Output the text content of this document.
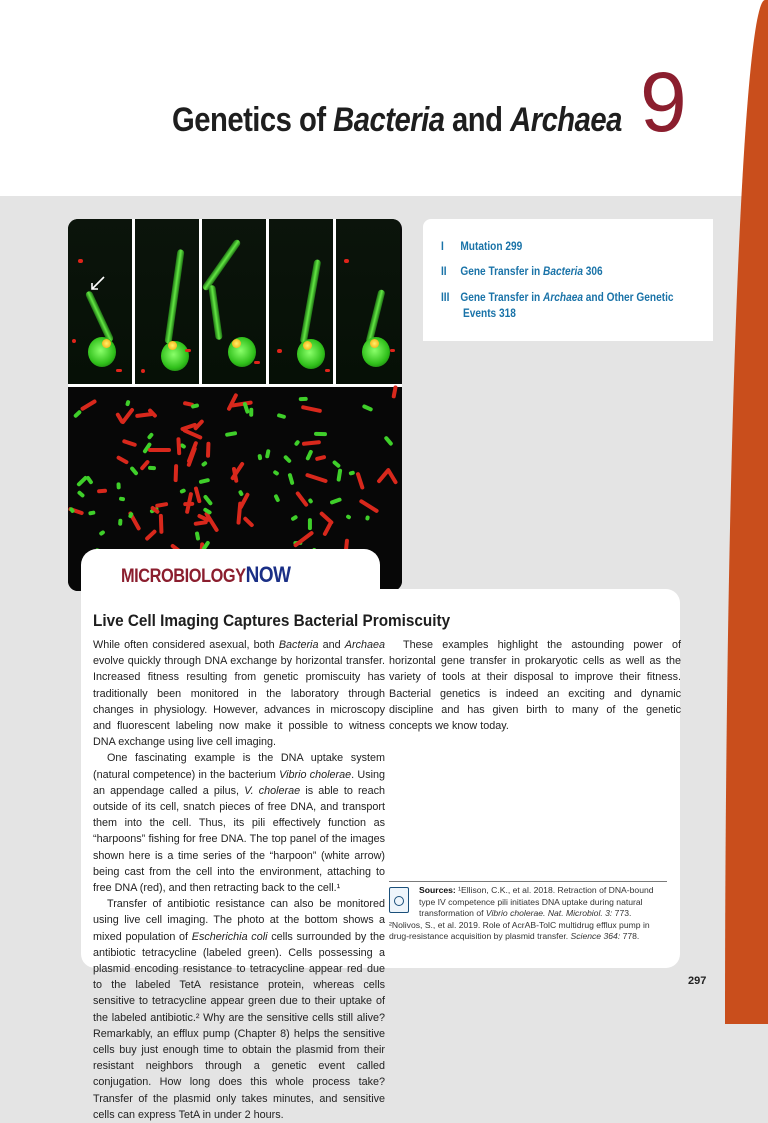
Genetics of Bacteria and Archaea 9
I Mutation 299
II Gene Transfer in Bacteria 306
III Gene Transfer in Archaea and Other Genetic
Events 318
MICROBIOLOGYNOW
Live Cell Imaging Captures Bacterial Promiscuity

While often considered asexual, both Bacteria and Archaea evolve quickly through DNA exchange by horizontal transfer. Increased fitness resulting from genetic promiscuity has traditionally been monitored in the laboratory through changes in physiology. However, advances in microscopy and fluorescent labeling now make it possible to witness DNA exchange using live cell imaging.

One fascinating example is the DNA uptake system (natural competence) in the bacterium Vibrio cholerae. Using an appendage called a pilus, V. cholerae is able to reach outside of its cell, snatch pieces of free DNA, and transport them into the cell. Thus, its pili effectively function as “harpoons” fishing for free DNA. The top panel of the images shown here is a time series of the “harpoon” (white arrow) being cast from the cell into the environment, attaching to free DNA (red), and then retracting back to the cell.¹

Transfer of antibiotic resistance can also be monitored using live cell imaging. The photo at the bottom shows a mixed population of Escherichia coli cells surrounded by the antibiotic tetracycline (labeled green). Cells possessing a plasmid encoding resistance to tetracycline appear red due to the labeled TetA resistance protein, whereas cells sensitive to tetracycline appear green due to their uptake of the labeled antibiotic.² Why are the sensitive cells still alive? Remarkably, an efflux pump (Chapter 8) helps the sensitive cells buy just enough time to obtain the plasmid from their resistant neighbors through a genetic event called conjugation. How long does this whole process take? Transfer of the plasmid only takes minutes, and sensitive cells can express TetA in under 2 hours.

These examples highlight the astounding power of horizontal gene transfer in prokaryotic cells as well as the variety of tools at their disposal to improve their fitness. Bacterial genetics is indeed an exciting and dynamic discipline and has given birth to many of the genetic concepts we know today.

Sources: ¹Ellison, C.K., et al. 2018. Retraction of DNA-bound type IV competence pili initiates DNA uptake during natural transformation of Vibrio cholerae. Nat. Microbiol. 3: 773.

²Nolivos, S., et al. 2019. Role of AcrAB-TolC multidrug efflux pump in drug-resistance acquisition by plasmid transfer. Science 364: 778.

297
